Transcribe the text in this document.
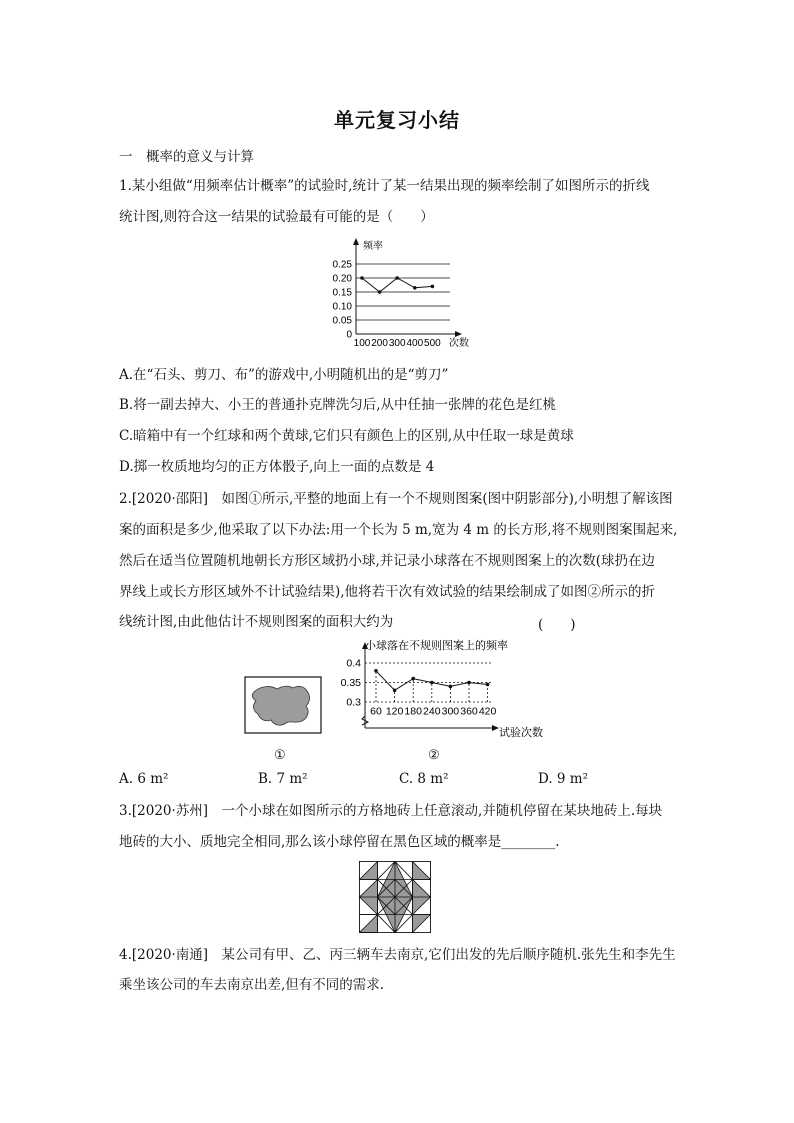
单元复习小结
一　概率的意义与计算
1.某小组做“用频率估计概率”的试验时,统计了某一结果出现的频率绘制了如图所示的折线
统计图,则符合这一结果的试验最有可能的是（　　）
频率
次数
0
0.05
0.10
0.15
0.20
0.25
100 200 300 400 500
A.在“石头、剪刀、布”的游戏中,小明随机出的是“剪刀”
B.将一副去掉大、小王的普通扑克牌洗匀后,从中任抽一张牌的花色是红桃
C.暗箱中有一个红球和两个黄球,它们只有颜色上的区别,从中任取一球是黄球
D.掷一枚质地均匀的正方体骰子,向上一面的点数是 4
2.[2020·邵阳]　如图①所示,平整的地面上有一个不规则图案(图中阴影部分),小明想了解该图
案的面积是多少,他采取了以下办法:用一个长为 5 m,宽为 4 m 的长方形,将不规则图案围起来,
然后在适当位置随机地朝长方形区域扔小球,并记录小球落在不规则图案上的次数(球扔在边
界线上或长方形区域外不计试验结果),他将若干次有效试验的结果绘制成了如图②所示的折
线统计图,由此他估计不规则图案的面积大约为	(　　)
①
小球落在不规则图案上的频率
试验次数
0.3
0.35
0.4
60 120 180 240 300 360 420
②
A. 6 m²	B. 7 m²	C. 8 m²	D. 9 m²
3.[2020·苏州]　一个小球在如图所示的方格地砖上任意滚动,并随机停留在某块地砖上.每块
地砖的大小、质地完全相同,那么该小球停留在黑色区域的概率是________.
4.[2020·南通]　某公司有甲、乙、丙三辆车去南京,它们出发的先后顺序随机.张先生和李先生
乘坐该公司的车去南京出差,但有不同的需求.
